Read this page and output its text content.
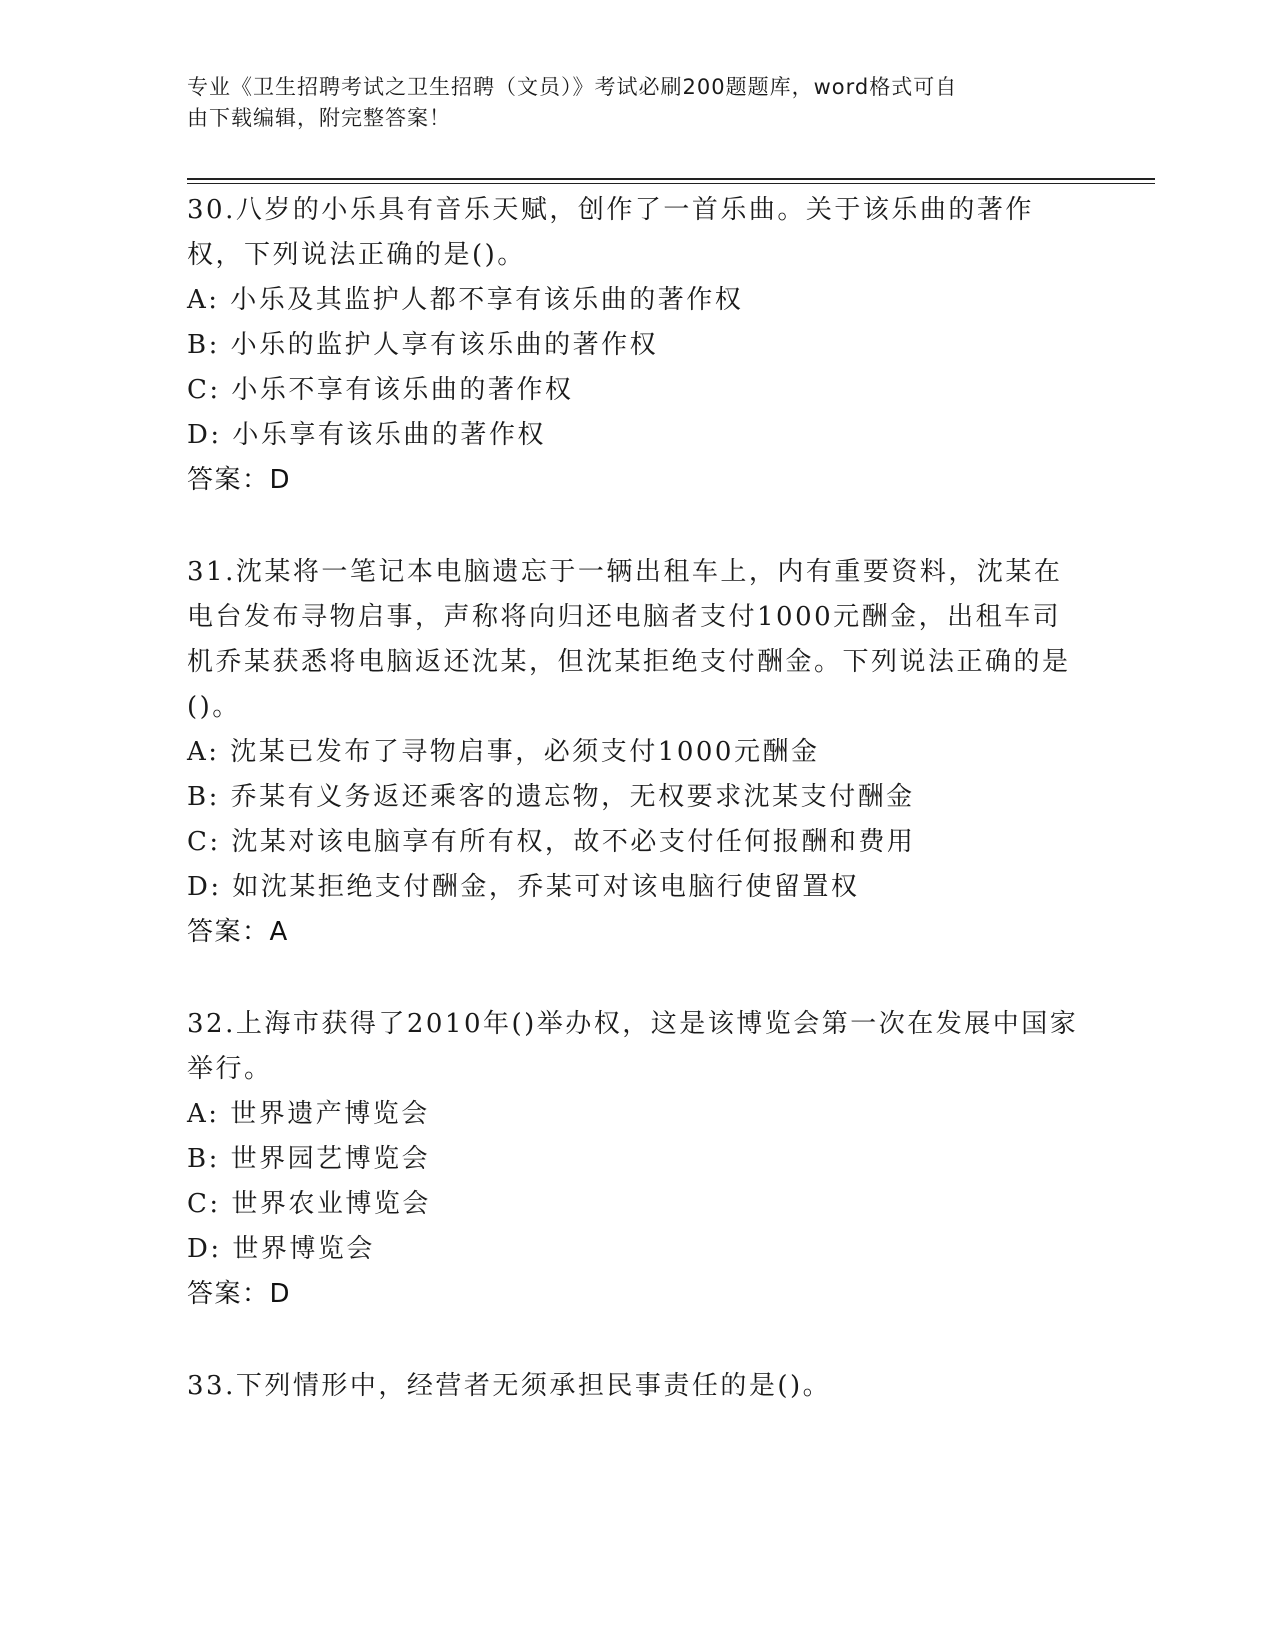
专业《卫生招聘考试之卫生招聘（文员）》考试必刷200题题库，word格式可自
由下载编辑，附完整答案！

30.八岁的小乐具有音乐天赋，创作了一首乐曲。关于该乐曲的著作权，下列说法正确的是()。

A: 小乐及其监护人都不享有该乐曲的著作权

B: 小乐的监护人享有该乐曲的著作权

C: 小乐不享有该乐曲的著作权

D: 小乐享有该乐曲的著作权

答案：D

31.沈某将一笔记本电脑遗忘于一辆出租车上，内有重要资料，沈某在电台发布寻物启事，声称将向归还电脑者支付1000元酬金，出租车司机乔某获悉将电脑返还沈某，但沈某拒绝支付酬金。下列说法正确的是()。

A: 沈某已发布了寻物启事，必须支付1000元酬金

B: 乔某有义务返还乘客的遗忘物，无权要求沈某支付酬金

C: 沈某对该电脑享有所有权，故不必支付任何报酬和费用

D: 如沈某拒绝支付酬金，乔某可对该电脑行使留置权

答案：A

32.上海市获得了2010年()举办权，这是该博览会第一次在发展中国家举行。

A: 世界遗产博览会

B: 世界园艺博览会

C: 世界农业博览会

D: 世界博览会

答案：D

33.下列情形中，经营者无须承担民事责任的是()。
